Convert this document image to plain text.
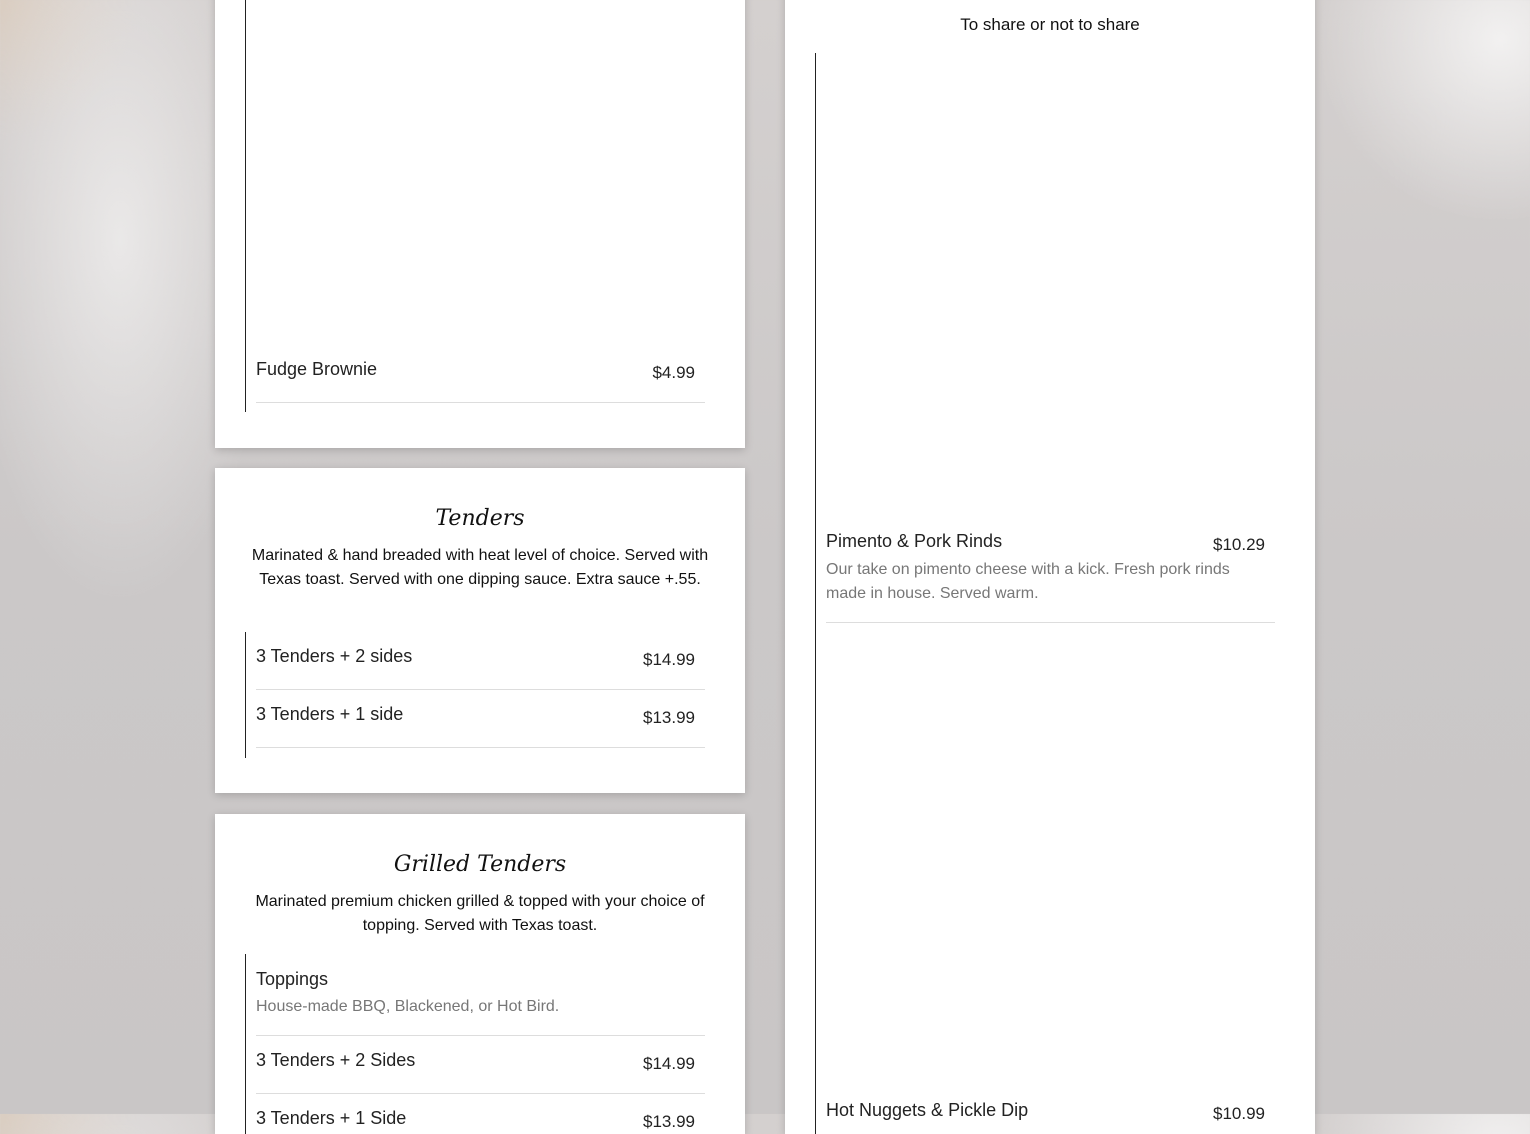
Fudge Brownie	$4.99
Tenders
Marinated & hand breaded with heat level of choice. Served with Texas toast. Served with one dipping sauce. Extra sauce +.55.
3 Tenders + 2 sides	$14.99
3 Tenders + 1 side	$13.99
Grilled Tenders
Marinated premium chicken grilled & topped with your choice of topping. Served with Texas toast.
Toppings
House-made BBQ, Blackened, or Hot Bird.
3 Tenders + 2 Sides	$14.99
3 Tenders + 1 Side	$13.99
To share or not to share
Pimento & Pork Rinds	$10.29
Our take on pimento cheese with a kick. Fresh pork rinds made in house. Served warm.
Hot Nuggets & Pickle Dip	$10.99
